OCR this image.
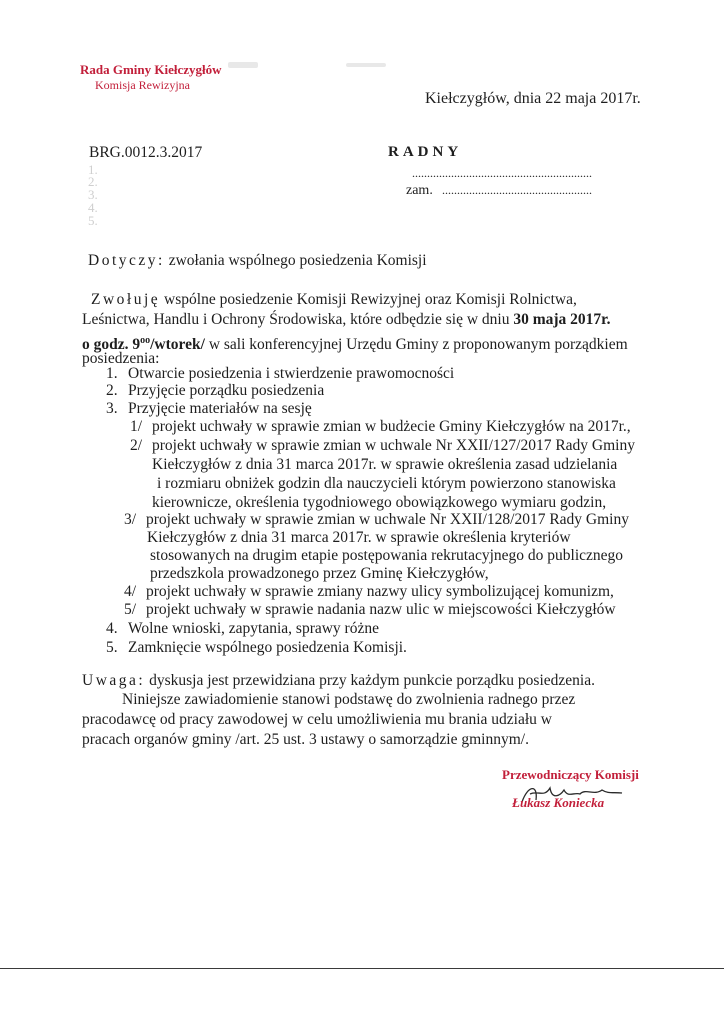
Rada Gminy Kiełczygłów
Komisja Rewizyjna
Kiełczygłów, dnia 22 maja 2017r.
BRG.0012.3.2017	RADNY
............................................................
zam. ..................................................
1.
2.
3.
4.
5.
Dotyczy: zwołania wspólnego posiedzenia Komisji
Zwołuję wspólne posiedzenie Komisji Rewizyjnej oraz Komisji Rolnictwa,
Leśnictwa, Handlu i Ochrony Środowiska, które odbędzie się w dniu 30 maja 2017r.
o godz. $9^{oo}/wtorek/$ w sali konferencyjnej Urzędu Gminy z proponowanym porządkiem
posiedzenia:
1. Otwarcie posiedzenia i stwierdzenie prawomocności
2. Przyjęcie porządku posiedzenia
3. Przyjęcie materiałów na sesję
1/ projekt uchwały w sprawie zmian w budżecie Gminy Kiełczygłów na 2017r.,
2/ projekt uchwały w sprawie zmian w uchwale Nr XXII/127/2017 Rady Gminy
Kiełczygłów z dnia 31 marca 2017r. w sprawie określenia zasad udzielania
i rozmiaru obniżek godzin dla nauczycieli którym powierzono stanowiska
kierownicze, określenia tygodniowego obowiązkowego wymiaru godzin,
3/ projekt uchwały w sprawie zmian w uchwale Nr XXII/128/2017 Rady Gminy
Kiełczygłów z dnia 31 marca 2017r. w sprawie określenia kryteriów
stosowanych na drugim etapie postępowania rekrutacyjnego do publicznego
przedszkola prowadzonego przez Gminę Kiełczygłów,
4/ projekt uchwały w sprawie zmiany nazwy ulicy symbolizującej komunizm,
5/ projekt uchwały w sprawie nadania nazw ulic w miejscowości Kiełczygłów
4. Wolne wnioski, zapytania, sprawy różne
5. Zamknięcie wspólnego posiedzenia Komisji.
Uwaga: dyskusja jest przewidziana przy każdym punkcie porządku posiedzenia.
Niniejsze zawiadomienie stanowi podstawę do zwolnienia radnego przez
pracodawcę od pracy zawodowej w celu umożliwienia mu brania udziału w
pracach organów gminy /art. 25 ust. 3 ustawy o samorządzie gminnym/.
Przewodniczący Komisji
Łukasz Koniecka
